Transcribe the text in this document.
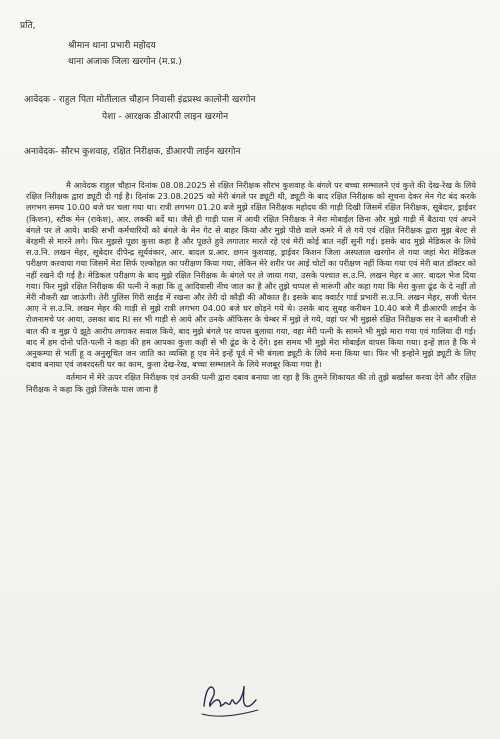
प्रति,
श्रीमान थाना प्रभारी महोदय
थाना अजाक जिला खरगोन (म.प्र.)
आवेदक - राहुल पिता मोतीलाल चौहान निवासी इंद्रप्रस्थ कालोनी खरगोन
पेशा - आरक्षक डीआरपी लाइन खरगोन
अनावेदक- सौरभ कुशवाह, रक्षित निरीक्षक, डीआरपी लाईन खरगोन

मै आवेदक राहुल चौहान दिनांक 08.08.2025 से रक्षित निरीक्षक सौरभ कुशवाह के बंगले पर बच्चा सम्भालने एवं कुत्ते की देख-रेख के लिये रक्षित निरीक्षक द्वारा ड्यूटी दी गई है। दिनांक 23.08.2025 को मेरी बंगले पर ड्यूटी थी, ड्यूटी के बाद रक्षित निरीक्षक को सूचना देकर मेन गेट बंद करके लगभग समय 10.00 बजे घर चला गया था। रात्री लगभग 01.20 बजे मुझे रक्षित निरीक्षक महोदय की गाड़ी दिखी जिसमें रक्षित निरीक्षक, सूबेदार, ड्राईवर (किशन), स्टीक मेन (राकेश), आर. लक्की बर्दे था। जैसे ही गाड़ी पास में आयी रक्षित निरीक्षक ने मेरा मोबाईल छिना और मुझे गाड़ी में बैठाया एवं अपने बंगले पर ले आये। बाकी सभी कर्मचारियों को बंगले के मेन गेट से बाहर किया और मुझे पीछे वाले कमरे में ले गये एवं रक्षित निरीक्षक द्वारा मुझ बेल्ट से बेरहमी से मारने लगे। फिर मुझसे पूछा कुत्ता कहा है और पूछते हुवे लगातार मारते रहे एवं मेरी कोई बात नहीं सुनी गई। इसके बाद मुझे मेडिकल के लिये स.उ.नि. लखन मेहर, सूबेदार दीपेन्द्र सूर्यवंकार, आर. बादल प्र.आर. छगन कुशवाह, ड्राईवर किशन जिला अस्पताल खरगोन ले गया जहां मेरा मेडिकल परीक्षण करवाया गया जिसमें मेरा सिर्फ एल्कोहल का परीक्षण किया गया, लेकिन मेरे शरीर पर आई चोटों का परीक्षण नहीं किया गया एवं मेरी बात डॉक्टर को नहीं रखने दी गई है। मेडिकल परीक्षण के बाद मुझे रक्षित निरीक्षक के बंगले पर ले जाया गया, उसके पश्चात स.उ.नि. लखन मेहर व आर. बादल भेज दिया गया। फिर मुझे रक्षित निरीक्षक की पत्नी ने कहा कि तू आदिवासी नीच जात का है और तुझे चप्पल से मारूंगी और कहा गया कि मेरा कुत्ता ढूंढ के दे नहीं तो मेरी नौकरी खा जाऊंगी। तेरी पुलिस गिरी साईड में रखना और तेरी दो कौड़ी की औकात है। इसके बाद क्वार्टर गार्ड प्रभारी स.उ.नि. लखन मेहर, सजी चेतन आए ने स.उ.नि. लखन मेहर की गाड़ी से मुझे रात्री लगभग 04.00 बजे घर छोड़ने गये थे। उसके बाद सुबह करीबन 10.40 बजे मैं डीआरपी लाईन के रोजनामचे पर आया, उसका बाद RI सर भी गाड़ी से आये और उनके ऑफिसर के चेम्बर में मुझे ले गये, वहां पर भी मुझसे रक्षित निरीक्षक सर ने बतमीजी से बात की व मुझ पे झूठे आरोप लगाकर सवाल किये, बाद मुझे बंगले पर वापस बुलाया गया, वहा मेरी पत्नी के सामने भी मुझे मारा गया एवं गालिया दी गई। बाद में हम दोनो पति-पत्नी ने कहा की हम आपका कुत्ता कही से भी ढूंढ के दे देंगे। इस समय भी मुझे मेरा मोबाईल वापस किया गया। इन्हें ज्ञात है कि मे अनुकम्पा से भर्ती हू व अनुसूचित जन जाति का व्यक्ति हू एव मेने इन्हें पूर्व में भी बंगला ड्यूटी के लिये मना किया था। फिर भी इन्होने मुझे ड्यूटी के लिए दबाव बनाया एवं जबरदस्ती घर का काम, कुत्ता देख-रेख, बच्चा सम्भालने के लिये मजबूर किया गया है।

वर्तमान में मेरे ऊपर रक्षित निरीक्षक एवं उनकी पत्नी द्वारा दबाव बनाया जा रहा है कि तुमने शिकायत की तो तुझे बर्खास्त करवा देगें और रक्षित निरीक्षक ने कहा कि तुझे जिसके पास जाना है
